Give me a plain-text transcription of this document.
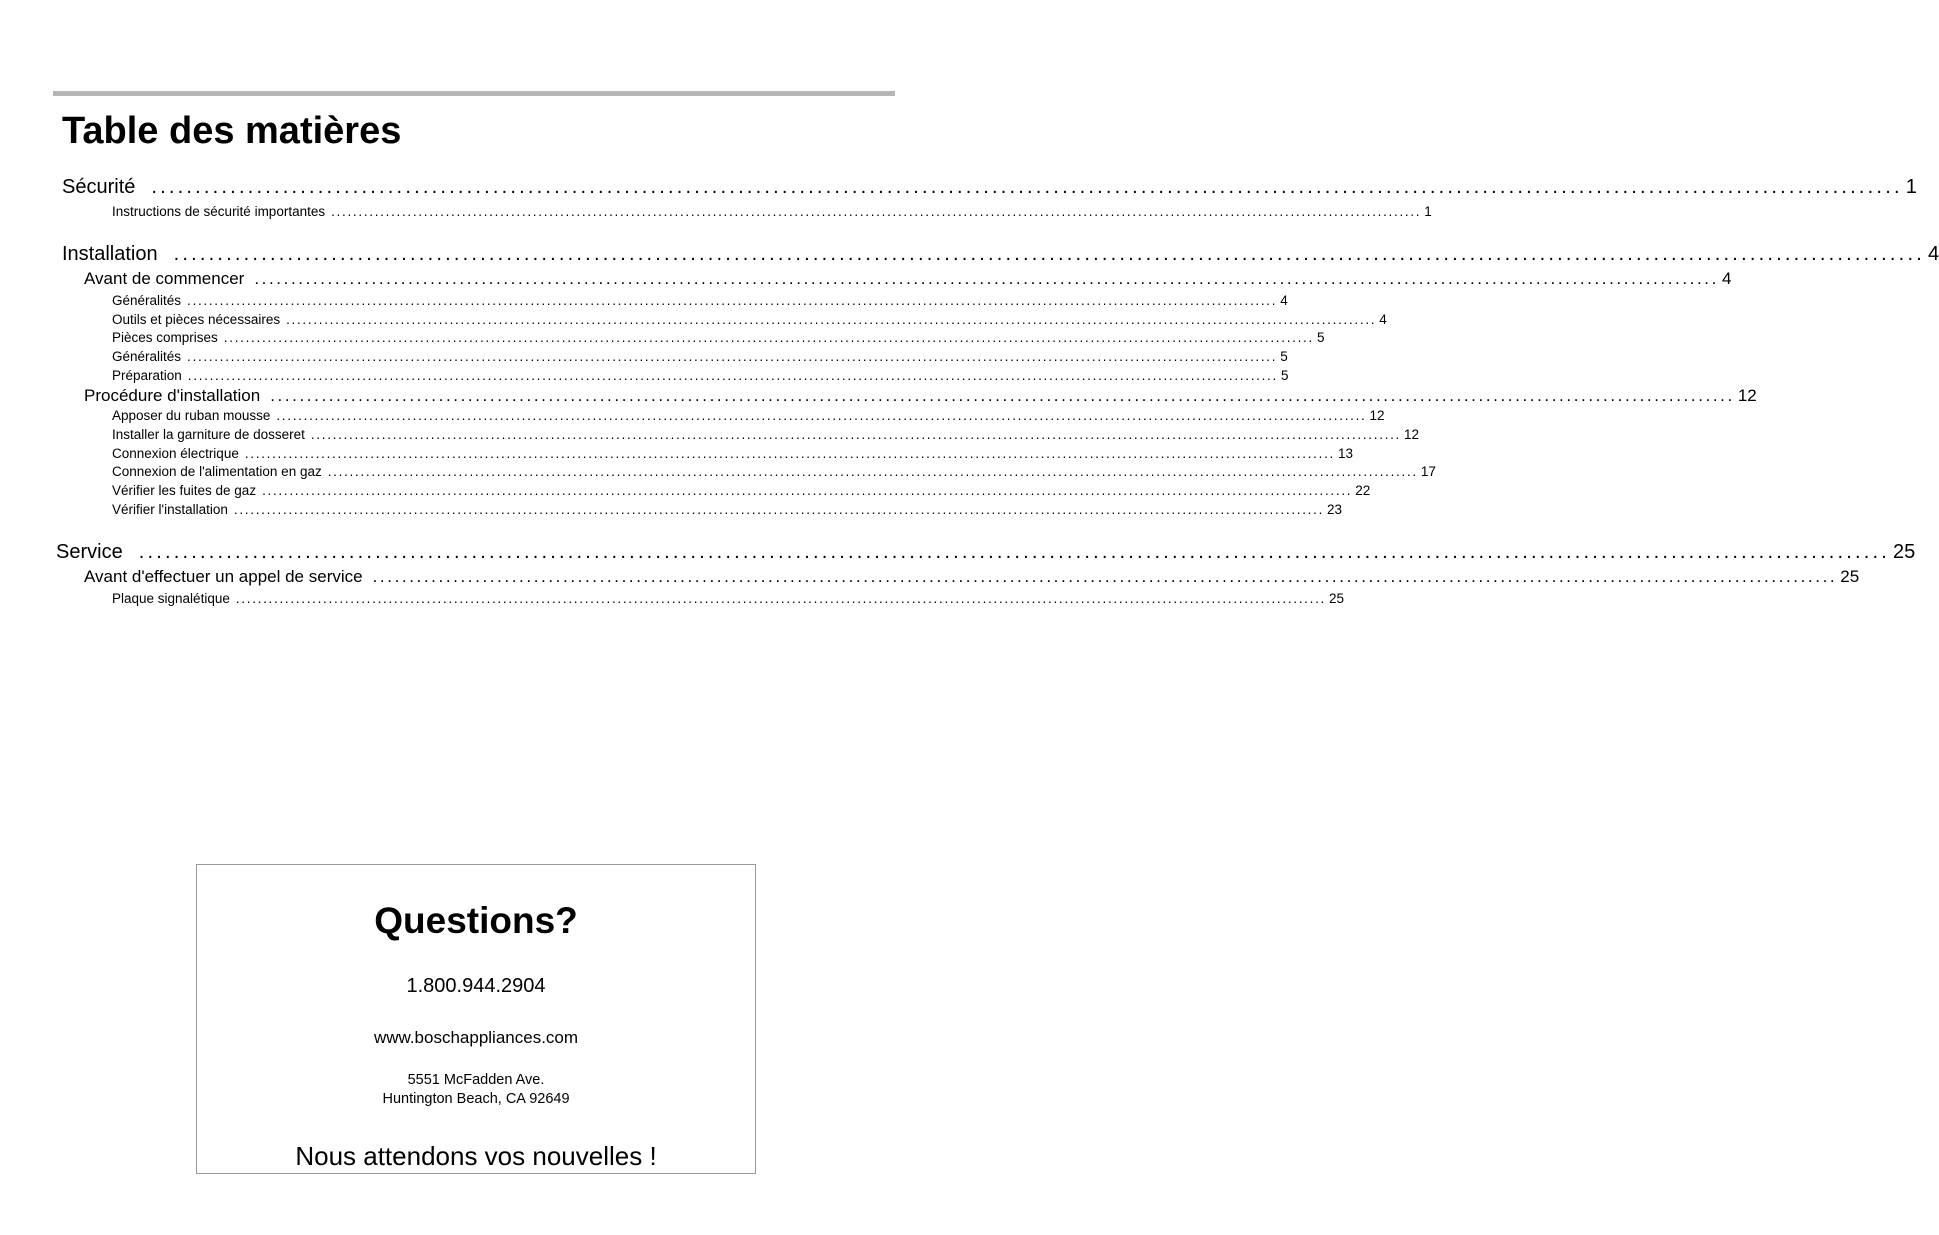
Table des matières
Sécurité ........................................................................................................................................................................................................ 1
Instructions de sécurité importantes ........................................................................................................................................................................................................ 1
Installation ........................................................................................................................................................................................................ 4
Avant de commencer ........................................................................................................................................................................................................ 4
Généralités ........................................................................................................................................................................................................ 4
Outils et pièces nécessaires ........................................................................................................................................................................................................ 4
Pièces comprises ........................................................................................................................................................................................................ 5
Généralités ........................................................................................................................................................................................................ 5
Préparation ........................................................................................................................................................................................................ 5
Procédure d'installation ........................................................................................................................................................................................................ 12
Apposer du ruban mousse ........................................................................................................................................................................................................ 12
Installer la garniture de dosseret ........................................................................................................................................................................................................ 12
Connexion électrique ........................................................................................................................................................................................................ 13
Connexion de l'alimentation en gaz ........................................................................................................................................................................................................ 17
Vérifier les fuites de gaz ........................................................................................................................................................................................................ 22
Vérifier l'installation ........................................................................................................................................................................................................ 23
Service ........................................................................................................................................................................................................ 25
Avant d'effectuer un appel de service ........................................................................................................................................................................................................ 25
Plaque signalétique ........................................................................................................................................................................................................ 25
Questions?
1.800.944.2904
www.boschappliances.com
5551 McFadden Ave.
Huntington Beach, CA 92649
Nous attendons vos nouvelles !
